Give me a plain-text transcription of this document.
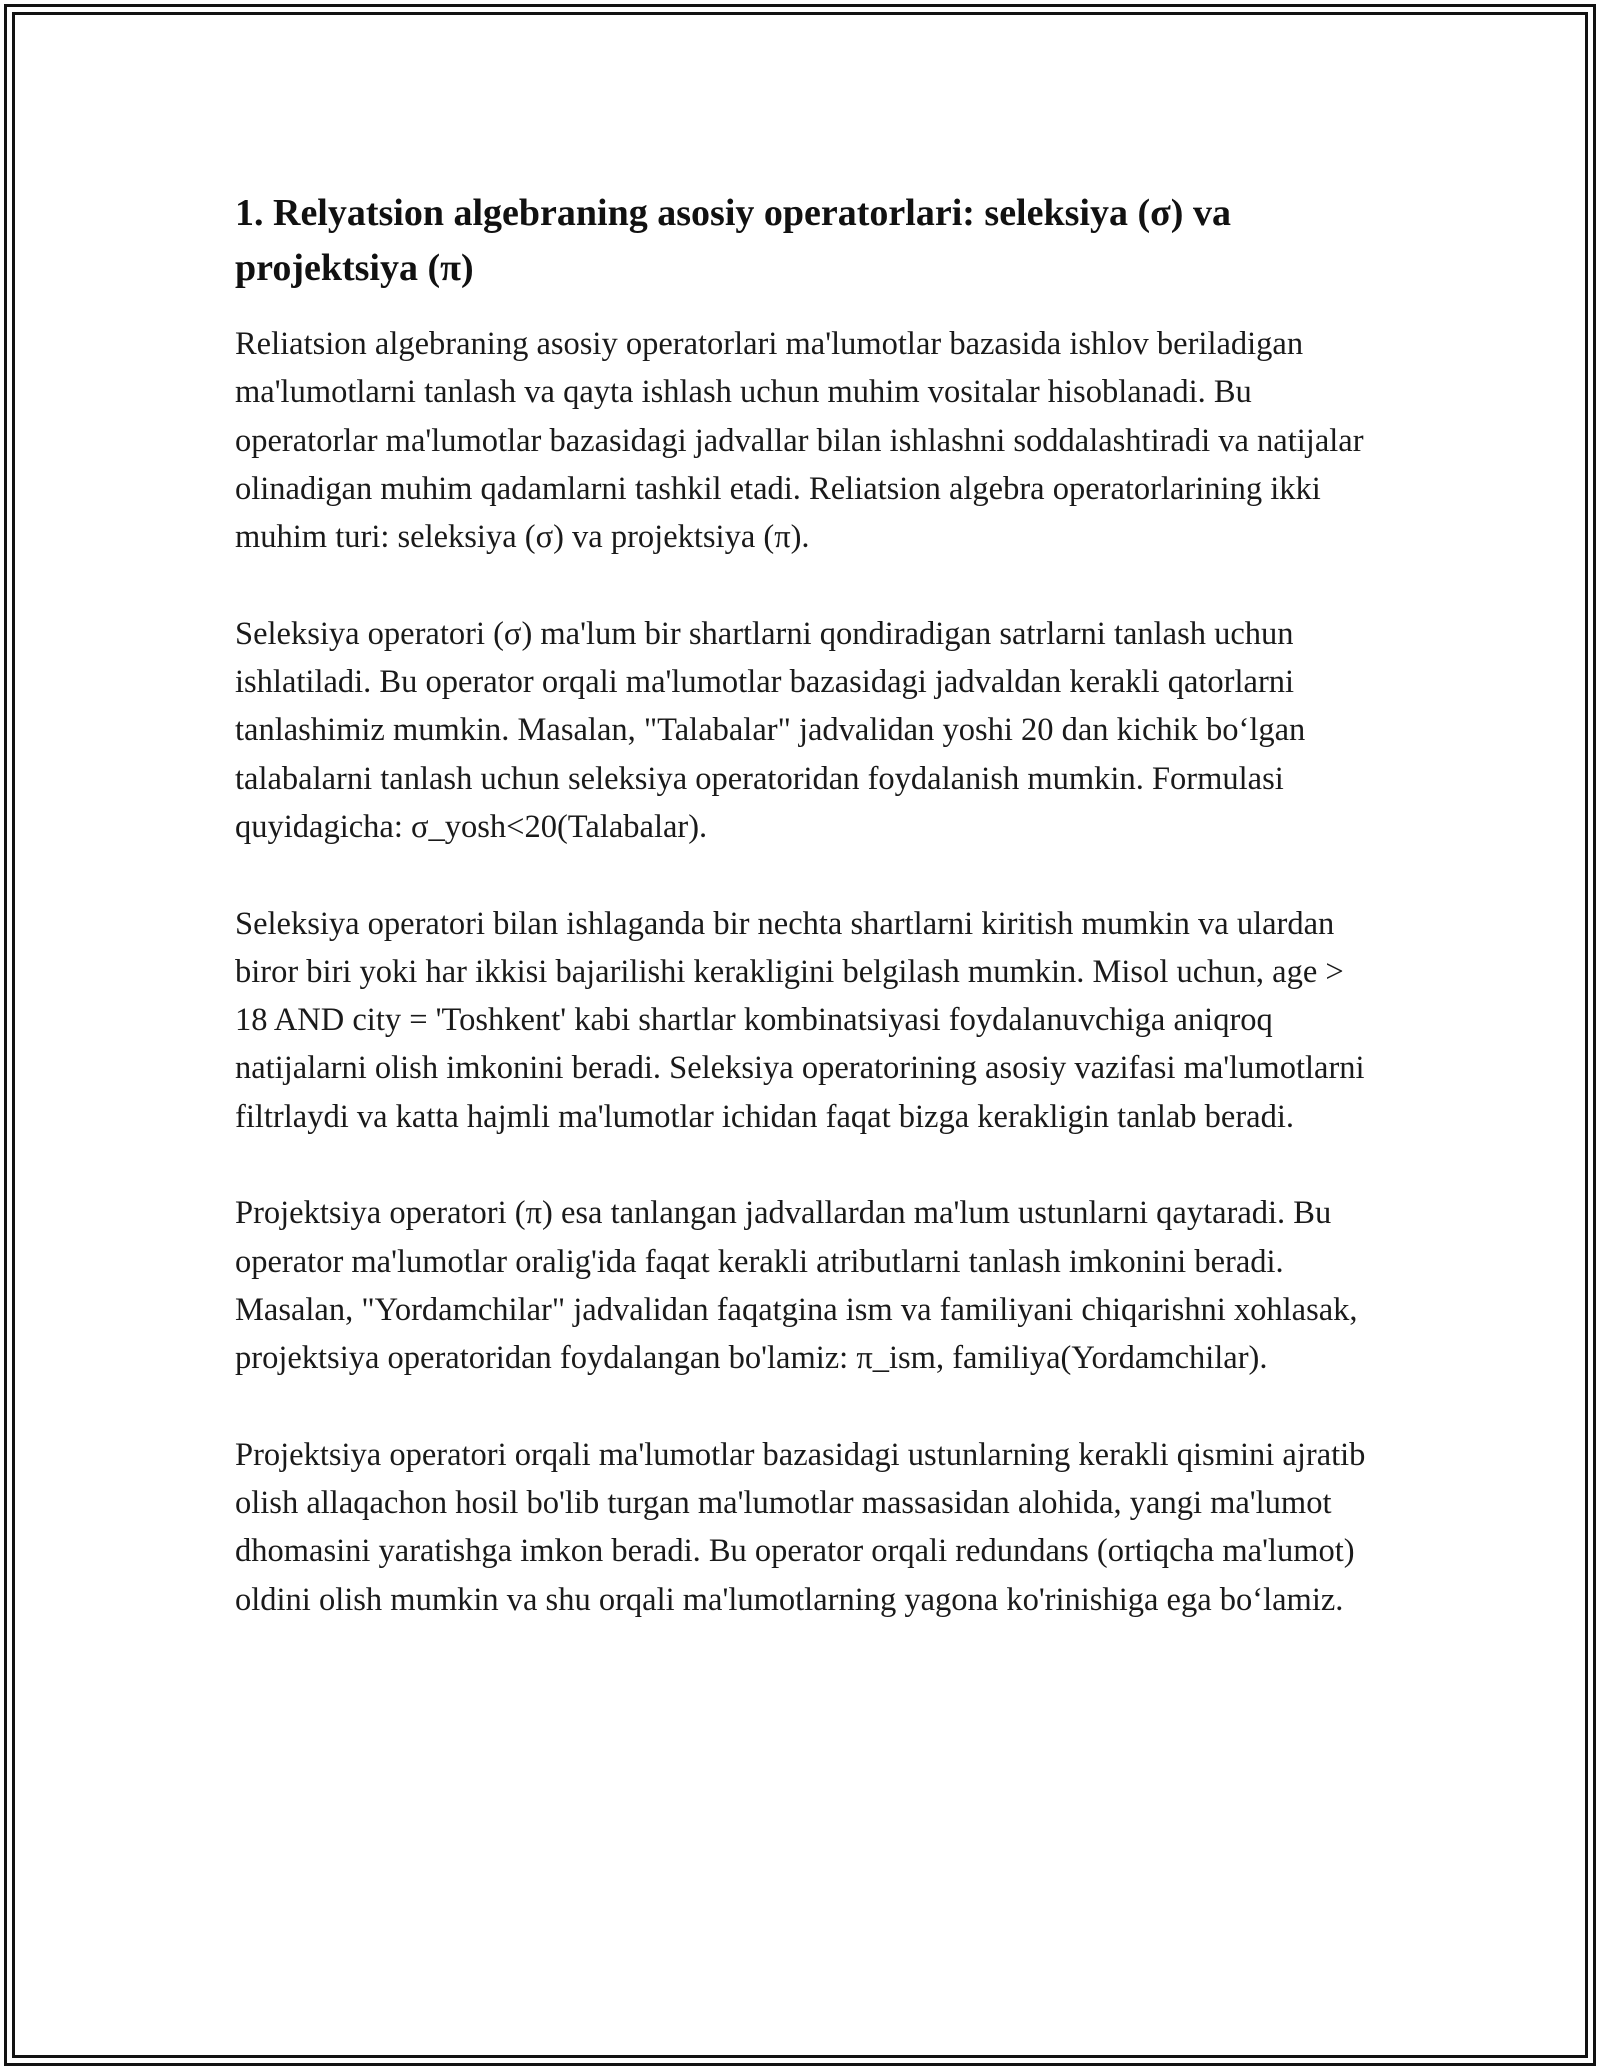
1. Relyatsion algebraning asosiy operatorlari: seleksiya (σ) va projektsiya (π)

Reliatsion algebraning asosiy operatorlari ma'lumotlar bazasida ishlov beriladigan ma'lumotlarni tanlash va qayta ishlash uchun muhim vositalar hisoblanadi. Bu operatorlar ma'lumotlar bazasidagi jadvallar bilan ishlashni soddalashtiradi va natijalar olinadigan muhim qadamlarni tashkil etadi. Reliatsion algebra operatorlarining ikki muhim turi: seleksiya (σ) va projektsiya (π).

Seleksiya operatori (σ) ma'lum bir shartlarni qondiradigan satrlarni tanlash uchun ishlatiladi. Bu operator orqali ma'lumotlar bazasidagi jadvaldan kerakli qatorlarni tanlashimiz mumkin. Masalan, "Talabalar" jadvalidan yoshi 20 dan kichik bo‘lgan talabalarni tanlash uchun seleksiya operatoridan foydalanish mumkin. Formulasi quyidagicha: σ_yosh<20(Talabalar).

Seleksiya operatori bilan ishlaganda bir nechta shartlarni kiritish mumkin va ulardan biror biri yoki har ikkisi bajarilishi kerakligini belgilash mumkin. Misol uchun, age > 18 AND city = 'Toshkent' kabi shartlar kombinatsiyasi foydalanuvchiga aniqroq natijalarni olish imkonini beradi. Seleksiya operatorining asosiy vazifasi ma'lumotlarni filtrlaydi va katta hajmli ma'lumotlar ichidan faqat bizga kerakligin tanlab beradi.

Projektsiya operatori (π) esa tanlangan jadvallardan ma'lum ustunlarni qaytaradi. Bu operator ma'lumotlar oralig'ida faqat kerakli atributlarni tanlash imkonini beradi. Masalan, "Yordamchilar" jadvalidan faqatgina ism va familiyani chiqarishni xohlasak, projektsiya operatoridan foydalangan bo'lamiz: π_ism, familiya(Yordamchilar).

Projektsiya operatori orqali ma'lumotlar bazasidagi ustunlarning kerakli qismini ajratib olish allaqachon hosil bo'lib turgan ma'lumotlar massasidan alohida, yangi ma'lumot dhomasini yaratishga imkon beradi. Bu operator orqali redundans (ortiqcha ma'lumot) oldini olish mumkin va shu orqali ma'lumotlarning yagona ko'rinishiga ega bo‘lamiz.
